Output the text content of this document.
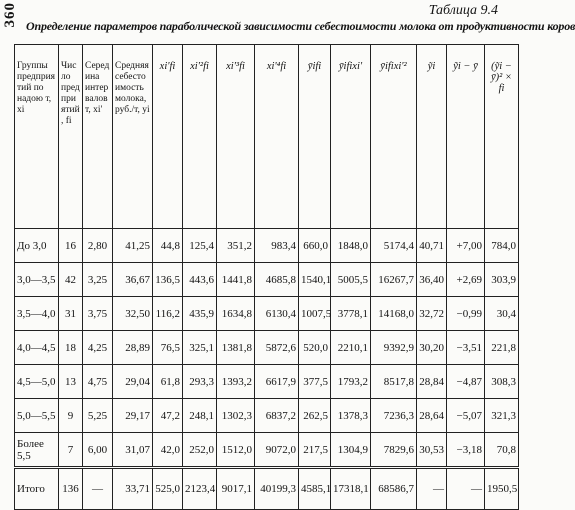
360	Таблица 9.4
Определение параметров параболической зависимости себестоимости молока от продуктивности коров
Группы предприятий по надою т, xi	Число предприятий, fi	Середина интервалов т, xi'	Средняя себестоимость молока, руб./т, yi	xi'fi	xi'²fi	xi'³fi	xi'⁴fi	ȳifi	ȳifixi'	ȳifixi'²	ỹi	ỹi − ȳ	(ỹi − ȳ)² × fi

До 3,0	16	2,80	41,25	44,8	125,4	351,2	983,4	660,0	1848,0	5174,4	40,71	+7,00	784,0
3,0—3,5	42	3,25	36,67	136,5	443,6	1441,8	4685,8	1540,1	5005,5	16267,7	36,40	+2,69	303,9
3,5—4,0	31	3,75	32,50	116,2	435,9	1634,8	6130,4	1007,5	3778,1	14168,0	32,72	−0,99	30,4
4,0—4,5	18	4,25	28,89	76,5	325,1	1381,8	5872,6	520,0	2210,1	9392,9	30,20	−3,51	221,8
4,5—5,0	13	4,75	29,04	61,8	293,3	1393,2	6617,9	377,5	1793,2	8517,8	28,84	−4,87	308,3
5,0—5,5	9	5,25	29,17	47,2	248,1	1302,3	6837,2	262,5	1378,3	7236,3	28,64	−5,07	321,3
Более 5,5	7	6,00	31,07	42,0	252,0	1512,0	9072,0	217,5	1304,9	7829,6	30,53	−3,18	70,8
Итого	136	—	33,71	525,0	2123,4	9017,1	40199,3	4585,1	17318,1	68586,7	—	—	1950,5
